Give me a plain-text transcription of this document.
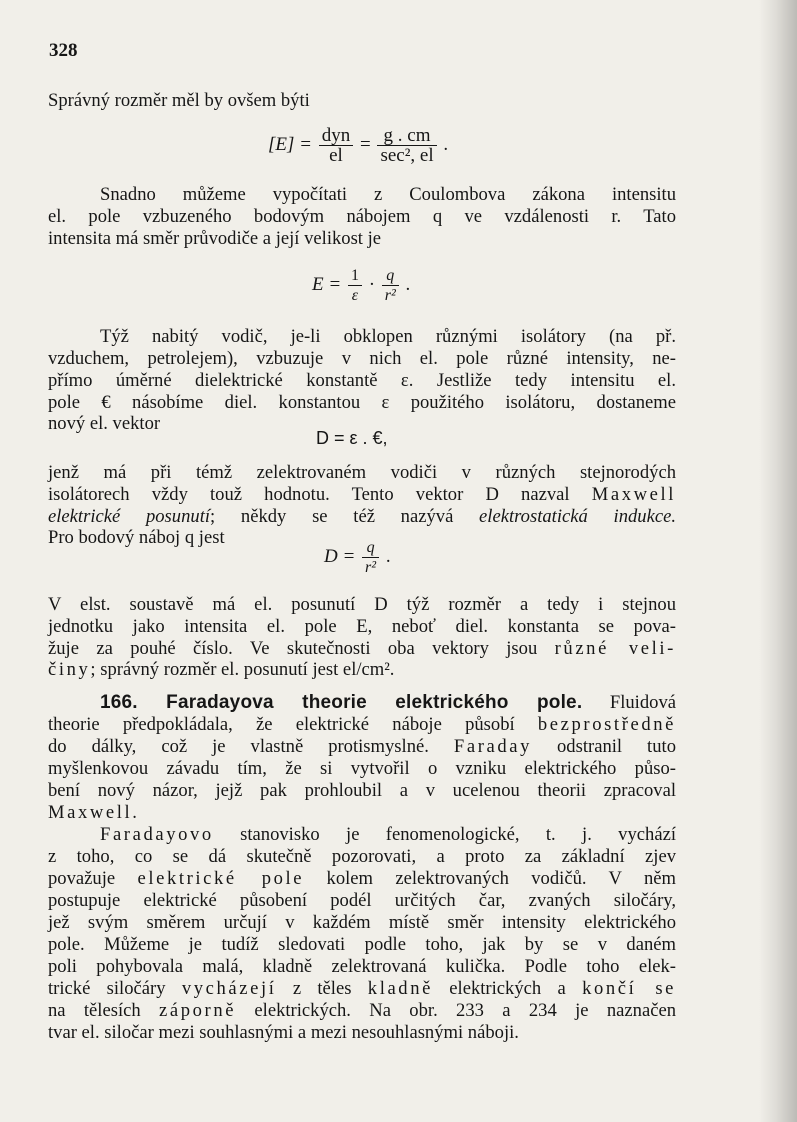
328
Správný rozměr měl by ovšem býti
$[E] = \frac{\text{dyn}}{el} = \frac{g . cm}{\text{sec², el}}$ .
Snadno můžeme vypočítati z Coulombova zákona intensitu
el. pole vzbuzeného bodovým nábojem q ve vzdálenosti r. Tato
intensita má směr průvodiče a její velikost je
$E = \frac{1}{\varepsilon} \cdot \frac{q}{\text{r²}}$ .
Týž nabitý vodič, je-li obklopen různými isolátory (na př.
vzduchem, petrolejem), vzbuzuje v nich el. pole různé intensity, ne-
přímo úměrné dielektrické konstantě ε. Jestliže tedy intensitu el.
pole € násobíme diel. konstantou ε použitého isolátoru, dostaneme
nový el. vektor
D = ε . €,
jenž má při témž zelektrovaném vodiči v různých stejnorodých
isolátorech vždy touž hodnotu. Tento vektor D nazval Maxwell
elektrické posunutí; někdy se též nazývá elektrostatická indukce.
Pro bodový náboj q jest
$D = \frac{q}{\text{r²}}$ .
V elst. soustavě má el. posunutí D týž rozměr a tedy i stejnou
jednotku jako intensita el. pole E, neboť diel. konstanta se pova-
žuje za pouhé číslo. Ve skutečnosti oba vektory jsou různé veli-
činy; správný rozměr el. posunutí jest el/cm².
166. Faradayova theorie elektrického pole. Fluidová
theorie předpokládala, že elektrické náboje působí bezprostředně
do dálky, což je vlastně protismyslné. Faraday odstranil tuto
myšlenkovou závadu tím, že si vytvořil o vzniku elektrického půso-
bení nový názor, jejž pak prohloubil a v ucelenou theorii zpracoval
Maxwell.
Faradayovo stanovisko je fenomenologické, t. j. vychází
z toho, co se dá skutečně pozorovati, a proto za základní zjev
považuje elektrické pole kolem zelektrovaných vodičů. V něm
postupuje elektrické působení podél určitých čar, zvaných siločáry,
jež svým směrem určují v každém místě směr intensity elektrického
pole. Můžeme je tudíž sledovati podle toho, jak by se v daném
poli pohybovala malá, kladně zelektrovaná kulička. Podle toho elek-
trické siločáry vycházejí z těles kladně elektrických a končí se
na tělesích záporně elektrických. Na obr. 233 a 234 je naznačen
tvar el. siločar mezi souhlasnými a mezi nesouhlasnými náboji.
